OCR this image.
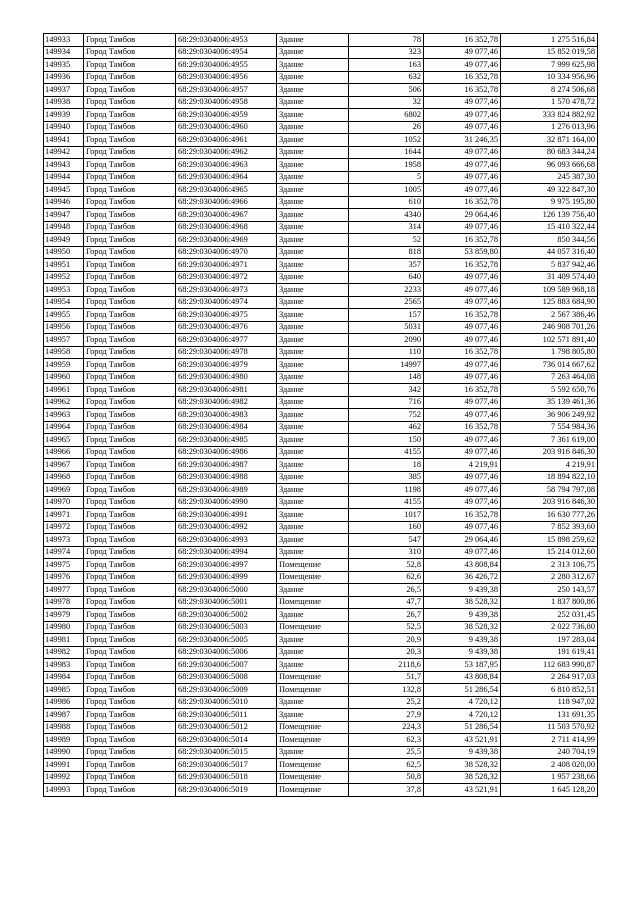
149933	Город Тамбов	68:29:0304006:4953	Здание	78	16 352,78	1 275 516,84
149934	Город Тамбов	68:29:0304006:4954	Здание	323	49 077,46	15 852 019,58
149935	Город Тамбов	68:29:0304006:4955	Здание	163	49 077,46	7 999 625,98
149936	Город Тамбов	68:29:0304006:4956	Здание	632	16 352,78	10 334 956,96
149937	Город Тамбов	68:29:0304006:4957	Здание	506	16 352,78	8 274 506,68
149938	Город Тамбов	68:29:0304006:4958	Здание	32	49 077,46	1 570 478,72
149939	Город Тамбов	68:29:0304006:4959	Здание	6802	49 077,46	333 824 882,92
149940	Город Тамбов	68:29:0304006:4960	Здание	26	49 077,46	1 276 013,96
149941	Город Тамбов	68:29:0304006:4961	Здание	1052	31 246,35	32 871 164,00
149942	Город Тамбов	68:29:0304006:4962	Здание	1644	49 077,46	80 683 344,24
149943	Город Тамбов	68:29:0304006:4963	Здание	1958	49 077,46	96 093 666,68
149944	Город Тамбов	68:29:0304006:4964	Здание	5	49 077,46	245 387,30
149945	Город Тамбов	68:29:0304006:4965	Здание	1005	49 077,46	49 322 847,30
149946	Город Тамбов	68:29:0304006:4966	Здание	610	16 352,78	9 975 195,80
149947	Город Тамбов	68:29:0304006:4967	Здание	4340	29 064,46	126 139 756,40
149948	Город Тамбов	68:29:0304006:4968	Здание	314	49 077,46	15 410 322,44
149949	Город Тамбов	68:29:0304006:4969	Здание	52	16 352,78	850 344,56
149950	Город Тамбов	68:29:0304006:4970	Здание	818	53 859,80	44 057 316,40
149951	Город Тамбов	68:29:0304006:4971	Здание	357	16 352,78	5 837 942,46
149952	Город Тамбов	68:29:0304006:4972	Здание	640	49 077,46	31 409 574,40
149953	Город Тамбов	68:29:0304006:4973	Здание	2233	49 077,46	109 589 968,18
149954	Город Тамбов	68:29:0304006:4974	Здание	2565	49 077,46	125 883 684,90
149955	Город Тамбов	68:29:0304006:4975	Здание	157	16 352,78	2 567 386,46
149956	Город Тамбов	68:29:0304006:4976	Здание	5031	49 077,46	246 908 701,26
149957	Город Тамбов	68:29:0304006:4977	Здание	2090	49 077,46	102 571 891,40
149958	Город Тамбов	68:29:0304006:4978	Здание	110	16 352,78	1 798 805,80
149959	Город Тамбов	68:29:0304006:4979	Здание	14997	49 077,46	736 014 667,62
149960	Город Тамбов	68:29:0304006:4980	Здание	148	49 077,46	7 263 464,08
149961	Город Тамбов	68:29:0304006:4981	Здание	342	16 352,78	5 592 650,76
149962	Город Тамбов	68:29:0304006:4982	Здание	716	49 077,46	35 139 461,36
149963	Город Тамбов	68:29:0304006:4983	Здание	752	49 077,46	36 906 249,92
149964	Город Тамбов	68:29:0304006:4984	Здание	462	16 352,78	7 554 984,36
149965	Город Тамбов	68:29:0304006:4985	Здание	150	49 077,46	7 361 619,00
149966	Город Тамбов	68:29:0304006:4986	Здание	4155	49 077,46	203 916 846,30
149967	Город Тамбов	68:29:0304006:4987	Здание	18	4 219,91	4 219,91
149968	Город Тамбов	68:29:0304006:4988	Здание	385	49 077,46	18 894 822,10
149969	Город Тамбов	68:29:0304006:4989	Здание	1198	49 077,46	58 794 797,08
149970	Город Тамбов	68:29:0304006:4990	Здание	4155	49 077,46	203 916 846,30
149971	Город Тамбов	68:29:0304006:4991	Здание	1017	16 352,78	16 630 777,26
149972	Город Тамбов	68:29:0304006:4992	Здание	160	49 077,46	7 852 393,60
149973	Город Тамбов	68:29:0304006:4993	Здание	547	29 064,46	15 898 259,62
149974	Город Тамбов	68:29:0304006:4994	Здание	310	49 077,46	15 214 012,60
149975	Город Тамбов	68:29:0304006:4997	Помещение	52,8	43 808,84	2 313 106,75
149976	Город Тамбов	68:29:0304006:4999	Помещение	62,6	36 426,72	2 280 312,67
149977	Город Тамбов	68:29:0304006:5000	Здание	26,5	9 439,38	250 143,57
149978	Город Тамбов	68:29:0304006:5001	Помещение	47,7	38 528,32	1 837 800,86
149979	Город Тамбов	68:29:0304006:5002	Здание	26,7	9 439,38	252 031,45
149980	Город Тамбов	68:29:0304006:5003	Помещение	52,5	38 528,32	2 022 736,80
149981	Город Тамбов	68:29:0304006:5005	Здание	20,9	9 439,38	197 283,04
149982	Город Тамбов	68:29:0304006:5006	Здание	20,3	9 439,38	191 619,41
149983	Город Тамбов	68:29:0304006:5007	Здание	2118,6	53 187,95	112 683 990,87
149984	Город Тамбов	68:29:0304006:5008	Помещение	51,7	43 808,84	2 264 917,03
149985	Город Тамбов	68:29:0304006:5009	Помещение	132,8	51 286,54	6 810 852,51
149986	Город Тамбов	68:29:0304006:5010	Здание	25,2	4 720,12	118 947,02
149987	Город Тамбов	68:29:0304006:5011	Здание	27,9	4 720,12	131 691,35
149988	Город Тамбов	68:29:0304006:5012	Помещение	224,3	51 286,54	11 503 570,92
149989	Город Тамбов	68:29:0304006:5014	Помещение	62,3	43 521,91	2 711 414,99
149990	Город Тамбов	68:29:0304006:5015	Здание	25,5	9 439,38	240 704,19
149991	Город Тамбов	68:29:0304006:5017	Помещение	62,5	38 528,32	2 408 020,00
149992	Город Тамбов	68:29:0304006:5018	Помещение	50,8	38 528,32	1 957 238,66
149993	Город Тамбов	68:29:0304006:5019	Помещение	37,8	43 521,91	1 645 128,20
